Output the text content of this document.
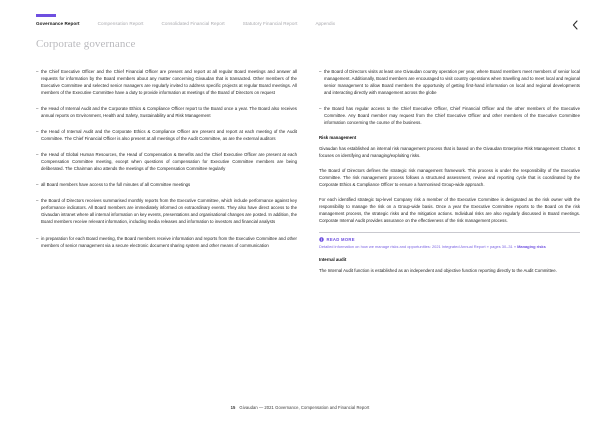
Governance Report	Compensation Report	Consolidated Financial Report	Statutory Financial Report	Appendix
Corporate governance
– the Chief Executive Officer and the Chief Financial Officer are present and report at all regular Board meetings and answer all requests for information by the Board members about any matter concerning Givaudan that is transacted. Other members of the Executive Committee and selected senior managers are regularly invited to address specific projects at regular Board meetings. All members of the Executive Committee have a duty to provide information at meetings of the Board of Directors on request
– the Head of Internal Audit and the Corporate Ethics & Compliance Officer report to the Board once a year. The Board also receives annual reports on Environment, Health and Safety, Sustainability and Risk Management
– the Head of Internal Audit and the Corporate Ethics & Compliance Officer are present and report at each meeting of the Audit Committee. The Chief Financial Officer is also present at all meetings of the Audit Committee, as are the external auditors
– the Head of Global Human Resources, the Head of Compensation & Benefits and the Chief Executive Officer are present at each Compensation Committee meeting, except when questions of compensation for Executive Committee members are being deliberated. The Chairman also attends the meetings of the Compensation Committee regularly
– all Board members have access to the full minutes of all Committee meetings
– the Board of Directors receives summarised monthly reports from the Executive Committee, which include performance against key performance indicators. All Board members are immediately informed on extraordinary events. They also have direct access to the Givaudan intranet where all internal information on key events, presentations and organisational changes are posted. In addition, the Board members receive relevant information, including media releases and information to investors and financial analysts
– in preparation for each Board meeting, the Board members receive information and reports from the Executive Committee and other members of senior management via a secure electronic document sharing system and other means of communication
– the Board of Directors visits at least one Givaudan country operation per year, where Board members meet members of senior local management. Additionally, Board members are encouraged to visit country operations when travelling and to meet local and regional senior management to allow Board members the opportunity of getting first-hand information on local and regional developments and interacting directly with management across the globe
– the Board has regular access to the Chief Executive Officer, Chief Financial Officer and the other members of the Executive Committee. Any Board member may request from the Chief Executive Officer and other members of the Executive Committee information concerning the course of the business.
Risk management

Givaudan has established an internal risk management process that is based on the Givaudan Enterprise Risk Management Charter. It focuses on identifying and managing/exploiting risks.

The Board of Directors defines the strategic risk management framework. This process is under the responsibility of the Executive Committee. The risk management process follows a structured assessment, review and reporting cycle that is coordinated by the Corporate Ethics & Compliance Officer to ensure a harmonised Group-wide approach.

For each identified strategic top-level Company risk a member of the Executive Committee is designated as the risk owner with the responsibility to manage the risk on a Group-wide basis. Once a year the Executive Committee reports to the Board on the risk management process, the strategic risks and the mitigation actions. Individual risks are also regularly discussed in Board meetings. Corporate Internal Audit provides assurance on the effectiveness of the risk management process.

READ MORE
Detailed information on how we manage risks and opportunities: 2021 Integrated Annual Report » pages 30–31 » Managing risks
Internal audit

The Internal Audit function is established as an independent and objective function reporting directly to the Audit Committee.

15 Givaudan — 2021 Governance, Compensation and Financial Report
